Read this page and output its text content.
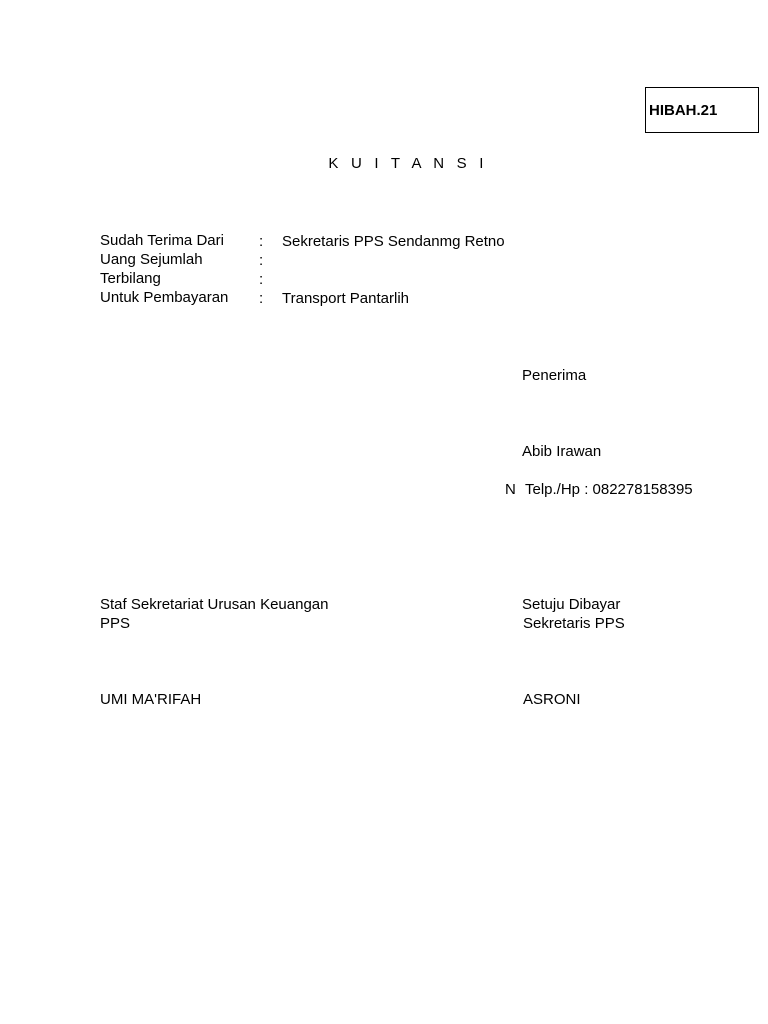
HIBAH.21
K U I T A N S I
Sudah Terima Dari : Sekretaris PPS Sendanmg Retno
Uang Sejumlah	:
Terbilang	:
Untuk Pembayaran : Transport Pantarlih
Penerima
Abib Irawan
N Telp./Hp : 082278158395
Staf Sekretariat Urusan Keuangan
PPS
UMI MA'RIFAH
Setuju Dibayar
Sekretaris PPS
ASRONI
